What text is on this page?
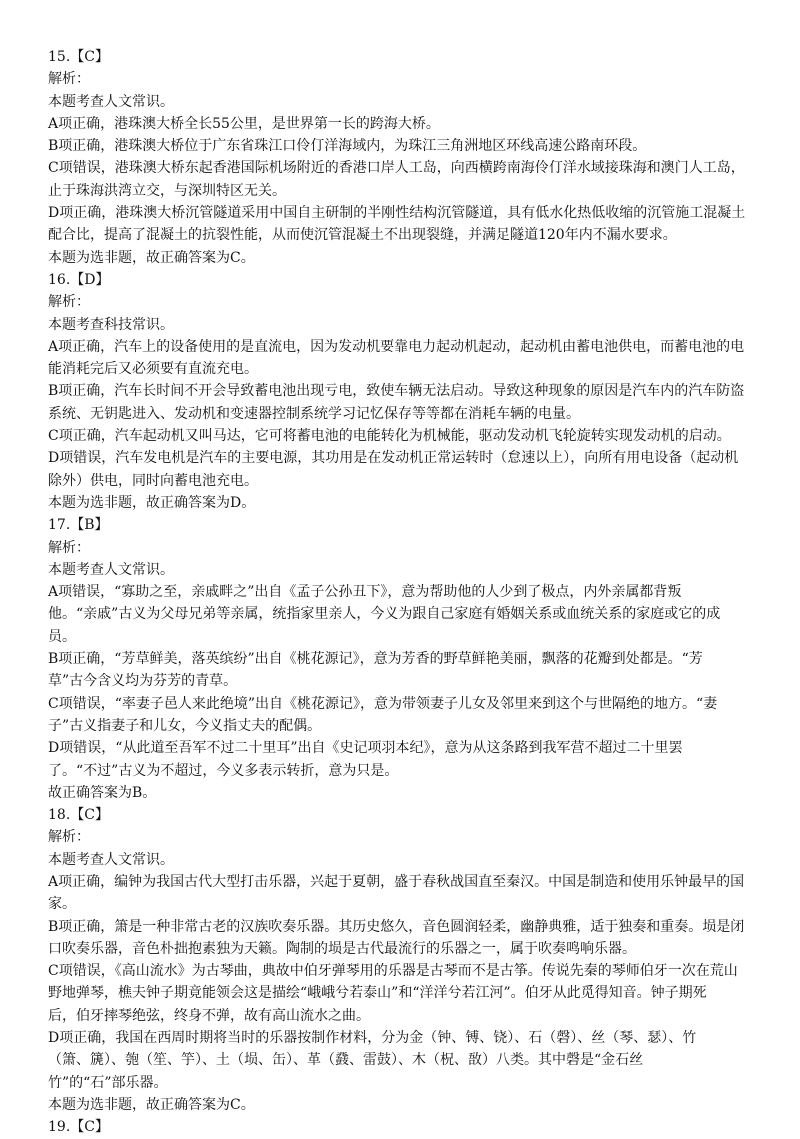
15.【C】

解析：

本题考查人文常识。

A项正确，港珠澳大桥全长55公里，是世界第一长的跨海大桥。

B项正确，港珠澳大桥位于广东省珠江口伶仃洋海域内，为珠江三角洲地区环线高速公路南环段。

C项错误，港珠澳大桥东起香港国际机场附近的香港口岸人工岛，向西横跨南海伶仃洋水域接珠海和澳门人工岛，

止于珠海洪湾立交，与深圳特区无关。

D项正确，港珠澳大桥沉管隧道采用中国自主研制的半刚性结构沉管隧道，具有低水化热低收缩的沉管施工混凝土

配合比，提高了混凝土的抗裂性能，从而使沉管混凝土不出现裂缝，并满足隧道120年内不漏水要求。

本题为选非题，故正确答案为C。

16.【D】

解析：

本题考查科技常识。

A项正确，汽车上的设备使用的是直流电，因为发动机要靠电力起动机起动，起动机由蓄电池供电，而蓄电池的电

能消耗完后又必须要有直流充电。

B项正确，汽车长时间不开会导致蓄电池出现亏电，致使车辆无法启动。导致这种现象的原因是汽车内的汽车防盗

系统、无钥匙进入、发动机和变速器控制系统学习记忆保存等等都在消耗车辆的电量。

C项正确，汽车起动机又叫马达，它可将蓄电池的电能转化为机械能，驱动发动机飞轮旋转实现发动机的启动。

D项错误，汽车发电机是汽车的主要电源，其功用是在发动机正常运转时（怠速以上），向所有用电设备（起动机

除外）供电，同时向蓄电池充电。

本题为选非题，故正确答案为D。

17.【B】

解析：

本题考查人文常识。

A项错误，“寡助之至，亲戚畔之”出自《孟子公孙丑下》，意为帮助他的人少到了极点，内外亲属都背叛

他。“亲戚”古义为父母兄弟等亲属，统指家里亲人，今义为跟自己家庭有婚姻关系或血统关系的家庭或它的成

员。

B项正确，“芳草鲜美，落英缤纷”出自《桃花源记》，意为芳香的野草鲜艳美丽，飘落的花瓣到处都是。“芳

草”古今含义均为芬芳的青草。

C项错误，“率妻子邑人来此绝境”出自《桃花源记》，意为带领妻子儿女及邻里来到这个与世隔绝的地方。“妻

子”古义指妻子和儿女，今义指丈夫的配偶。

D项错误，“从此道至吾军不过二十里耳”出自《史记项羽本纪》，意为从这条路到我军营不超过二十里罢

了。“不过”古义为不超过，今义多表示转折，意为只是。

故正确答案为B。

18.【C】

解析：

本题考查人文常识。

A项正确，编钟为我国古代大型打击乐器，兴起于夏朝，盛于春秋战国直至秦汉。中国是制造和使用乐钟最早的国

家。

B项正确，箫是一种非常古老的汉族吹奏乐器。其历史悠久，音色圆润轻柔，幽静典雅，适于独奏和重奏。埙是闭

口吹奏乐器，音色朴拙抱素独为天籁。陶制的埙是古代最流行的乐器之一，属于吹奏鸣响乐器。

C项错误，《高山流水》为古琴曲，典故中伯牙弹琴用的乐器是古琴而不是古筝。传说先秦的琴师伯牙一次在荒山

野地弹琴，樵夫钟子期竟能领会这是描绘“峨峨兮若泰山”和“洋洋兮若江河”。伯牙从此觅得知音。钟子期死

后，伯牙摔琴绝弦，终身不弹，故有高山流水之曲。

D项正确，我国在西周时期将当时的乐器按制作材料，分为金（钟、镈、铙）、石（磬）、丝（琴、瑟）、竹

（箫、篪）、匏（笙、竽）、土（埙、缶）、革（鼗、雷鼓）、木（柷、敔）八类。其中磬是“金石丝

竹”的“石”部乐器。

本题为选非题，故正确答案为C。

19.【C】
